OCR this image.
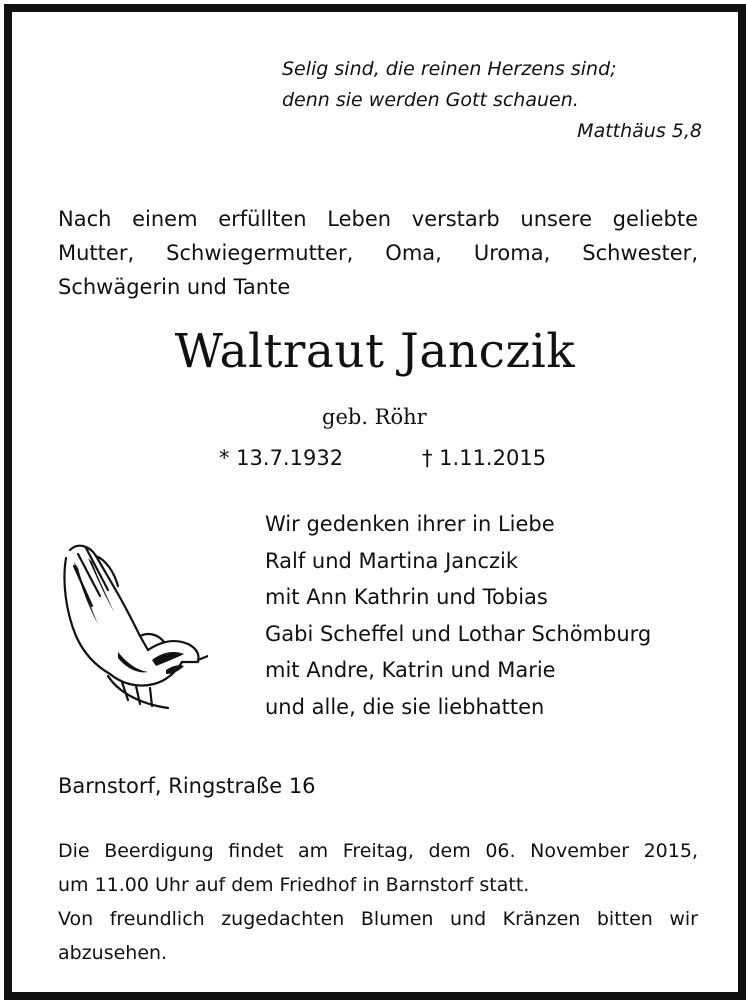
Selig sind, die reinen Herzens sind;
denn sie werden Gott schauen.
Matthäus 5,8
Nach einem erfüllten Leben verstarb unsere geliebte
Mutter, Schwiegermutter, Oma, Uroma, Schwester,
Schwägerin und Tante
Waltraut Janczik
geb. Röhr
* 13.7.1932	† 1.11.2015
Wir gedenken ihrer in Liebe
Ralf und Martina Janczik
mit Ann Kathrin und Tobias
Gabi Scheffel und Lothar Schömburg
mit Andre, Katrin und Marie
und alle, die sie liebhatten
Barnstorf, Ringstraße 16
Die Beerdigung findet am Freitag, dem 06. November 2015,
um 11.00 Uhr auf dem Friedhof in Barnstorf statt.
Von freundlich zugedachten Blumen und Kränzen bitten wir
abzusehen.
